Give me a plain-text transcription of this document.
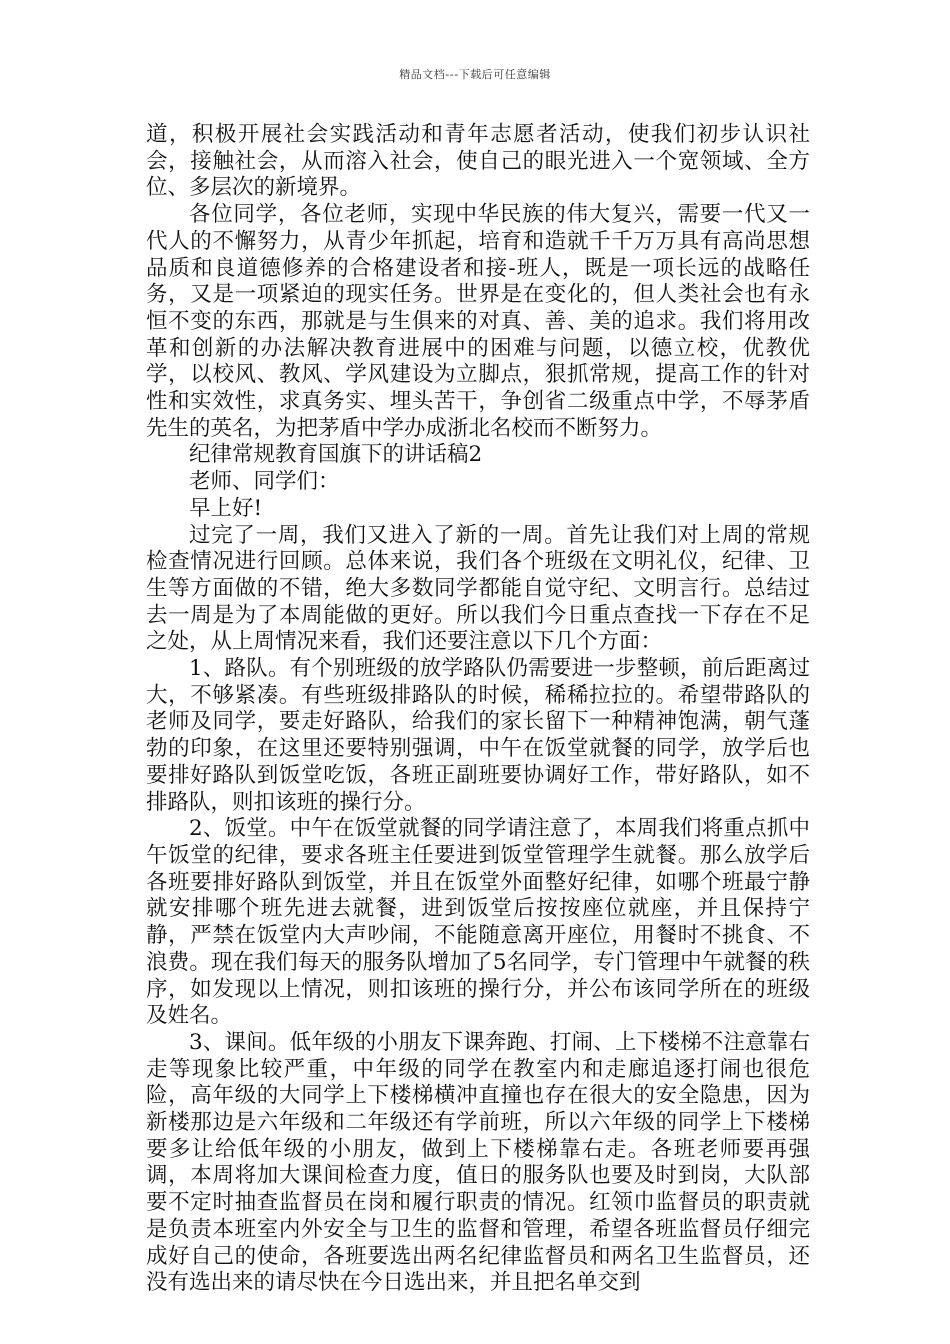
精品文档---下载后可任意编辑

道，积极开展社会实践活动和青年志愿者活动，使我们初步认识社会，接触社会，从而溶入社会，使自己的眼光进入一个宽领域、全方位、多层次的新境界。

各位同学，各位老师，实现中华民族的伟大复兴，需要一代又一代人的不懈努力，从青少年抓起，培育和造就千千万万具有高尚思想品质和良道德修养的合格建设者和接-班人，既是一项长远的战略任务，又是一项紧迫的现实任务。世界是在变化的，但人类社会也有永恒不变的东西，那就是与生俱来的对真、善、美的追求。我们将用改革和创新的办法解决教育进展中的困难与问题，以德立校，优教优学，以校风、教风、学风建设为立脚点，狠抓常规，提高工作的针对性和实效性，求真务实、埋头苦干，争创省二级重点中学，不辱茅盾先生的英名，为把茅盾中学办成浙北名校而不断努力。

纪律常规教育国旗下的讲话稿2

老师、同学们：

早上好!

过完了一周，我们又进入了新的一周。首先让我们对上周的常规检查情况进行回顾。总体来说，我们各个班级在文明礼仪，纪律、卫生等方面做的不错，绝大多数同学都能自觉守纪、文明言行。总结过去一周是为了本周能做的更好。所以我们今日重点查找一下存在不足之处，从上周情况来看，我们还要注意以下几个方面：

1、路队。有个别班级的放学路队仍需要进一步整顿，前后距离过大，不够紧凑。有些班级排路队的时候，稀稀拉拉的。希望带路队的老师及同学，要走好路队，给我们的家长留下一种精神饱满，朝气蓬勃的印象，在这里还要特别强调，中午在饭堂就餐的同学，放学后也要排好路队到饭堂吃饭，各班正副班要协调好工作，带好路队，如不排路队，则扣该班的操行分。

2、饭堂。中午在饭堂就餐的同学请注意了，本周我们将重点抓中午饭堂的纪律，要求各班主任要进到饭堂管理学生就餐。那么放学后各班要排好路队到饭堂，并且在饭堂外面整好纪律，如哪个班最宁静就安排哪个班先进去就餐，进到饭堂后按按座位就座，并且保持宁静，严禁在饭堂内大声吵闹，不能随意离开座位，用餐时不挑食、不浪费。现在我们每天的服务队增加了5名同学，专门管理中午就餐的秩序，如发现以上情况，则扣该班的操行分，并公布该同学所在的班级及姓名。

3、课间。低年级的小朋友下课奔跑、打闹、上下楼梯不注意靠右走等现象比较严重，中年级的同学在教室内和走廊追逐打闹也很危险，高年级的大同学上下楼梯横冲直撞也存在很大的安全隐患，因为新楼那边是六年级和二年级还有学前班，所以六年级的同学上下楼梯要多让给低年级的小朋友，做到上下楼梯靠右走。各班老师要再强调，本周将加大课间检查力度，值日的服务队也要及时到岗，大队部要不定时抽查监督员在岗和履行职责的情况。红领巾监督员的职责就是负责本班室内外安全与卫生的监督和管理，希望各班监督员仔细完成好自己的使命，各班要选出两名纪律监督员和两名卫生监督员，还没有选出来的请尽快在今日选出来，并且把名单交到
